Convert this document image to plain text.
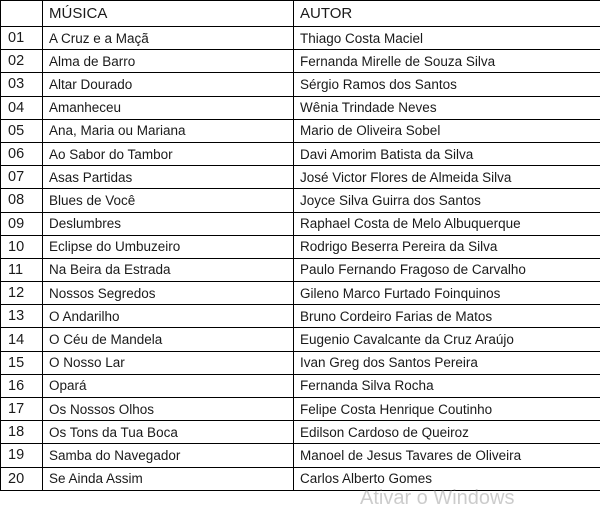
	MÚSICA	AUTOR
01	A Cruz e a Maçã	Thiago Costa Maciel
02	Alma de Barro	Fernanda Mirelle de Souza Silva
03	Altar Dourado	Sérgio Ramos dos Santos
04	Amanheceu	Wênia Trindade Neves
05	Ana, Maria ou Mariana	Mario de Oliveira Sobel
06	Ao Sabor do Tambor	Davi Amorim Batista da Silva
07	Asas Partidas	José Victor Flores de Almeida Silva
08	Blues de Você	Joyce Silva Guirra dos Santos
09	Deslumbres	Raphael Costa de Melo Albuquerque
10	Eclipse do Umbuzeiro	Rodrigo Beserra Pereira da Silva
11	Na Beira da Estrada	Paulo Fernando Fragoso de Carvalho
12	Nossos Segredos	Gileno Marco Furtado Foinquinos
13	O Andarilho	Bruno Cordeiro Farias de Matos
14	O Céu de Mandela	Eugenio Cavalcante da Cruz Araújo
15	O Nosso Lar	Ivan Greg dos Santos Pereira
16	Opará	Fernanda Silva Rocha
17	Os Nossos Olhos	Felipe Costa Henrique Coutinho
18	Os Tons da Tua Boca	Edilson Cardoso de Queiroz
19	Samba do Navegador	Manoel de Jesus Tavares de Oliveira
20	Se Ainda Assim	Carlos Alberto Gomes
Ativar o Windows
